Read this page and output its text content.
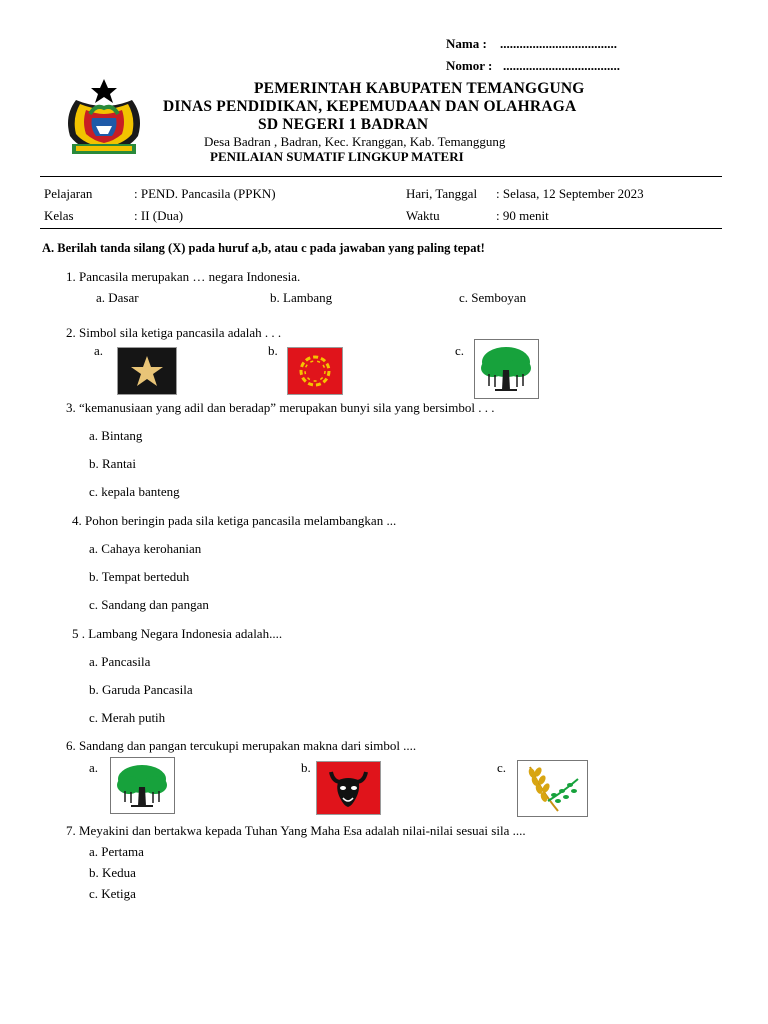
Nama : ....................................
Nomor : ....................................
PEMERINTAH KABUPATEN TEMANGGUNG
DINAS PENDIDIKAN, KEPEMUDAAN DAN OLAHRAGA
SD NEGERI 1 BADRAN
Desa Badran , Badran, Kec. Kranggan, Kab. Temanggung
PENILAIAN SUMATIF LINGKUP MATERI
Pelajaran	: PEND. Pancasila (PPKN)	Hari, Tanggal : Selasa, 12 September 2023
Kelas	: II (Dua)	Waktu	: 90 menit
A. Berilah tanda silang (X) pada huruf a,b, atau c pada jawaban yang paling tepat!
1. Pancasila merupakan … negara Indonesia.
a. Dasar	b. Lambang	c. Semboyan
2. Simbol sila ketiga pancasila adalah . . .
a.	b.	c.
3. “kemanusiaan yang adil dan beradap” merupakan bunyi sila yang bersimbol . . .
a. Bintang
b. Rantai
c. kepala banteng
4. Pohon beringin pada sila ketiga pancasila melambangkan ...
a. Cahaya kerohanian
b. Tempat berteduh
c. Sandang dan pangan
5 . Lambang Negara Indonesia adalah....
a. Pancasila
b. Garuda Pancasila
c. Merah putih
6. Sandang dan pangan tercukupi merupakan makna dari simbol ....
a.	b.	c.
7. Meyakini dan bertakwa kepada Tuhan Yang Maha Esa adalah nilai-nilai sesuai sila ....
a. Pertama
b. Kedua
c. Ketiga
